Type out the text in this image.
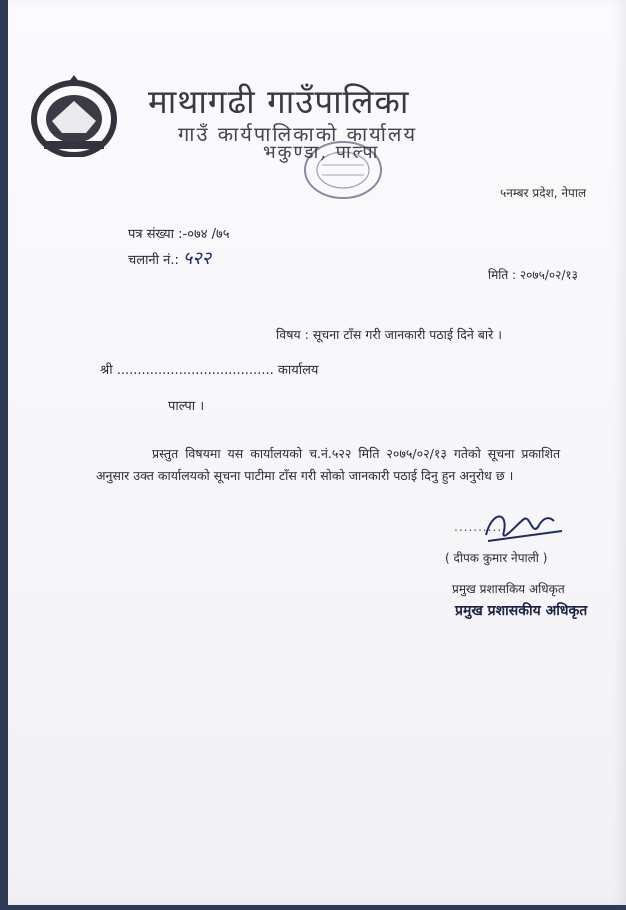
माथागढी गाउँपालिका
गाउँ कार्यपालिकाको कार्यालय
भकुण्डा, पाल्पा
५नम्बर प्रदेश, नेपाल
पत्र संख्या :-०७४ /७५
चलानी नं.: ५२२
मिति : २०७५/०२/१३
विषय : सूचना टाँस गरी जानकारी पठाई दिने बारे ।
श्री ...................................... कार्यालय
पाल्पा ।
प्रस्तुत विषयमा यस कार्यालयको च.नं.५२२ मिति २०७५/०२/१३ गतेको सूचना प्रकाशित
अनुसार उक्त कार्यालयको सूचना पाटीमा टाँस गरी सोको जानकारी पठाई दिनु हुन अनुरोध छ ।
..........
( दीपक कुमार नेपाली )
प्रमुख प्रशासकिय अधिकृत
प्रमुख प्रशासकीय अधिकृत
